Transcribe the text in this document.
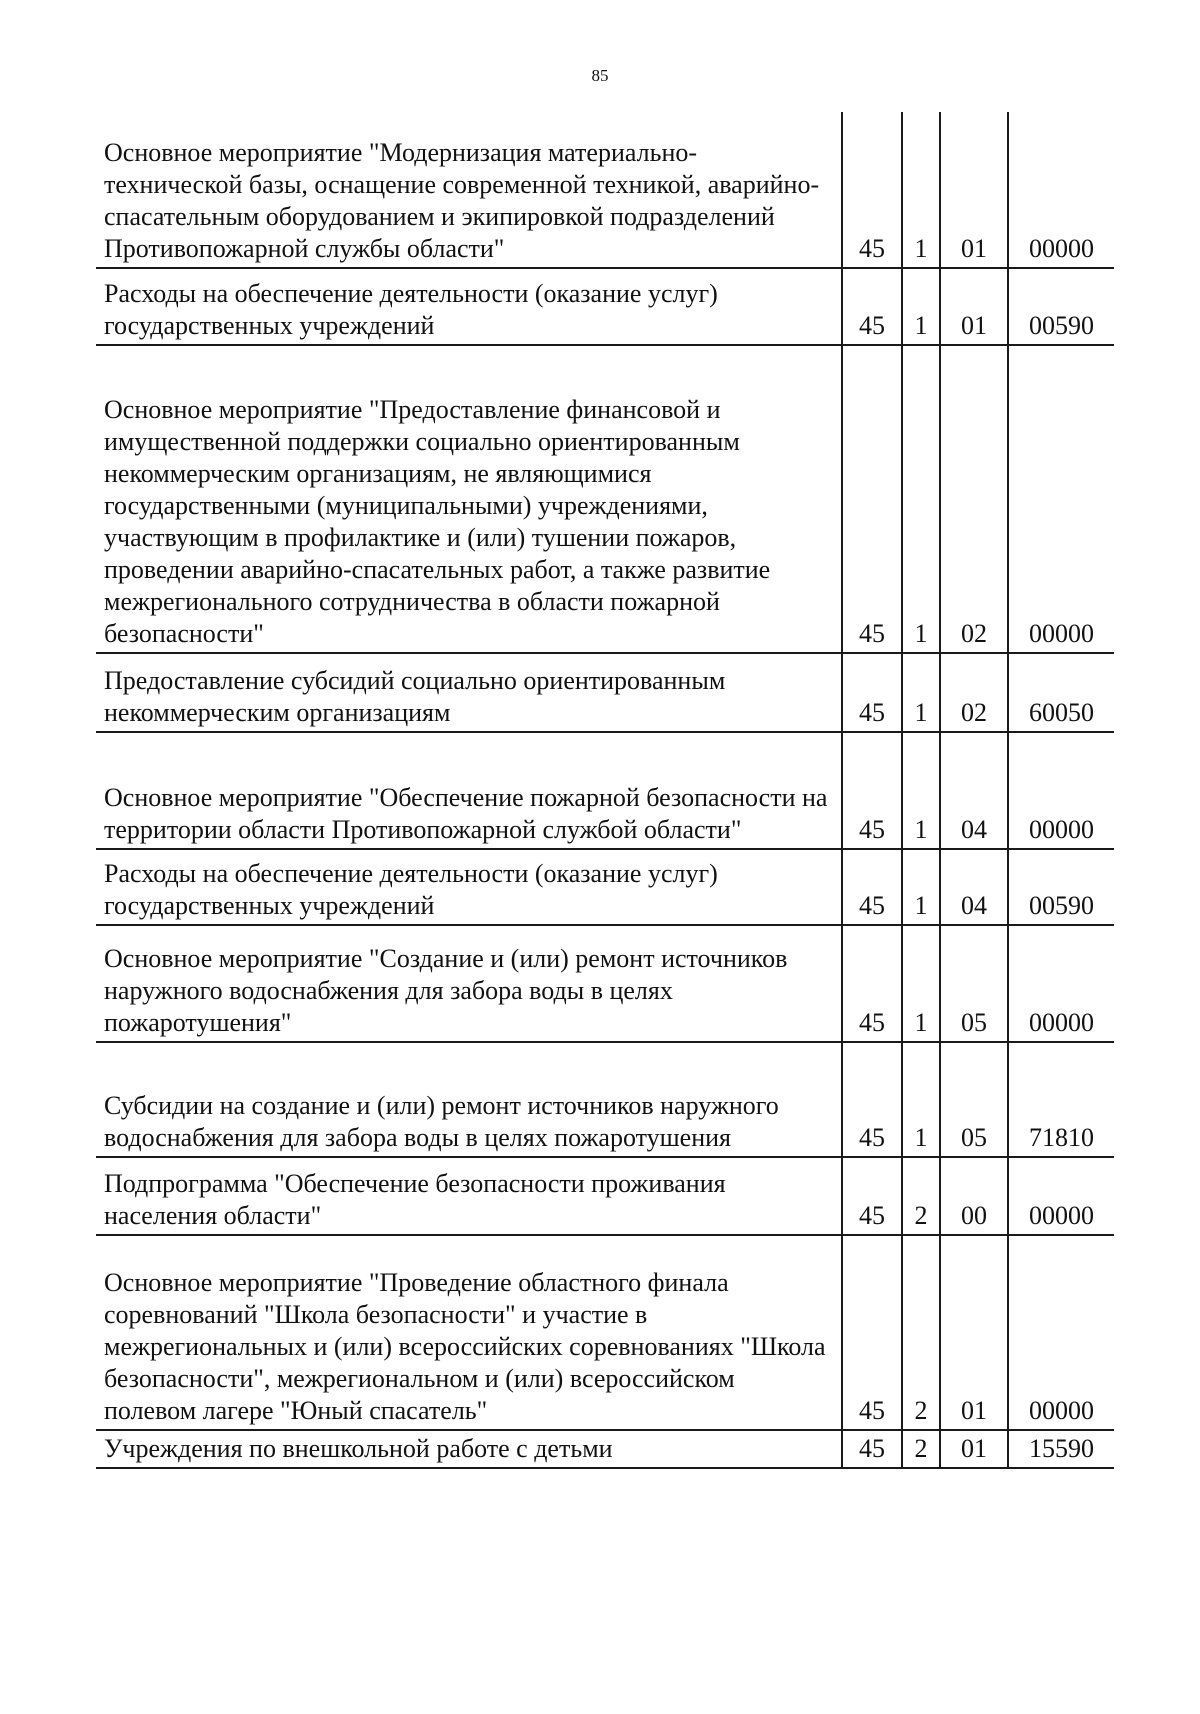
85
Основное мероприятие "Модернизация материально-технической базы, оснащение современной техникой, аварийно-спасательным оборудованием и экипировкой подразделений Противопожарной службы области"	45	1	01	00000
Расходы на обеспечение деятельности (оказание услуг) государственных учреждений	45	1	01	00590
Основное мероприятие "Предоставление финансовой и имущественной поддержки социально ориентированным некоммерческим организациям, не являющимися государственными (муниципальными) учреждениями, участвующим в профилактике и (или) тушении пожаров, проведении аварийно-спасательных работ, а также развитие межрегионального сотрудничества в области пожарной безопасности"	45	1	02	00000
Предоставление субсидий социально ориентированным некоммерческим организациям	45	1	02	60050
Основное мероприятие "Обеспечение пожарной безопасности на территории области Противопожарной службой области"	45	1	04	00000
Расходы на обеспечение деятельности (оказание услуг) государственных учреждений	45	1	04	00590
Основное мероприятие "Создание и (или) ремонт источников наружного водоснабжения для забора воды в целях пожаротушения"	45	1	05	00000
Субсидии на создание и (или) ремонт источников наружного водоснабжения для забора воды в целях пожаротушения	45	1	05	71810
Подпрограмма "Обеспечение безопасности проживания населения области"	45	2	00	00000
Основное мероприятие "Проведение областного финала соревнований "Школа безопасности" и участие в межрегиональных и (или) всероссийских соревнованиях "Школа безопасности", межрегиональном и (или) всероссийском полевом лагере "Юный спасатель"	45	2	01	00000
Учреждения по внешкольной работе с детьми	45	2	01	15590
